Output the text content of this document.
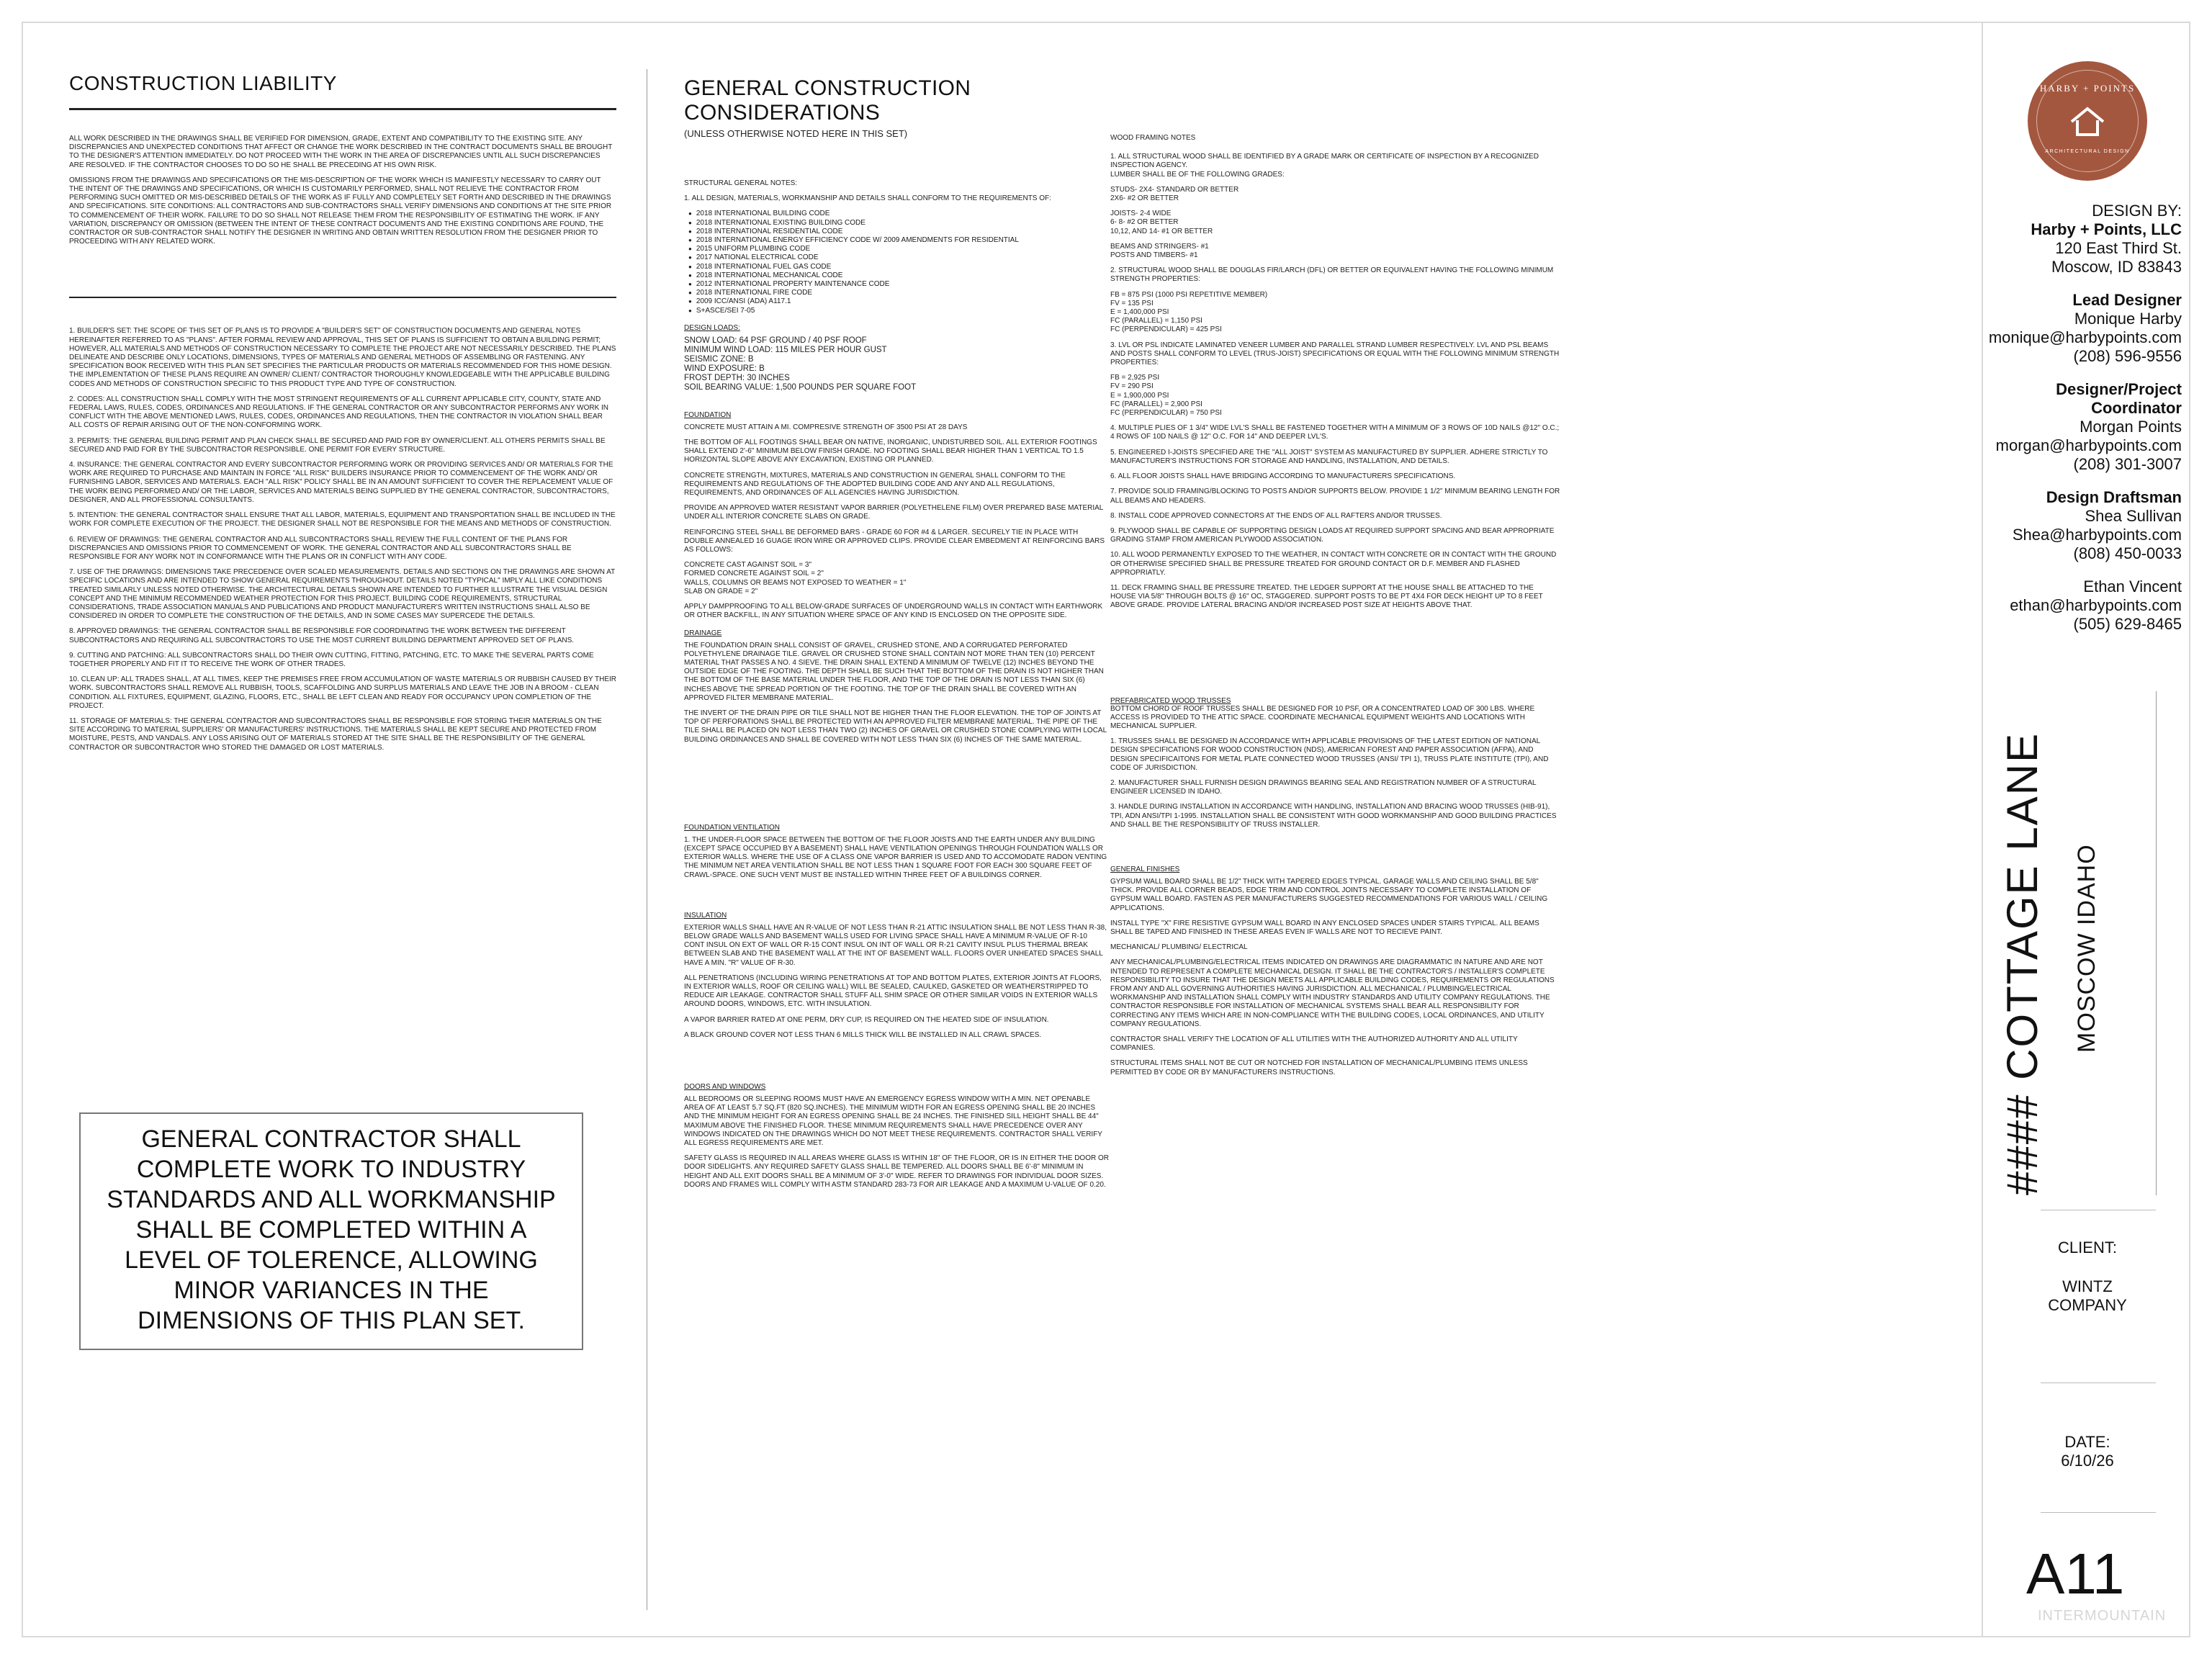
CONSTRUCTION LIABILITY

ALL WORK DESCRIBED IN THE DRAWINGS SHALL BE VERIFIED FOR DIMENSION, GRADE, EXTENT AND COMPATIBILITY TO THE EXISTING SITE. ANY DISCREPANCIES AND UNEXPECTED CONDITIONS THAT AFFECT OR CHANGE THE WORK DESCRIBED IN THE CONTRACT DOCUMENTS SHALL BE BROUGHT TO THE DESIGNER'S ATTENTION IMMEDIATELY. DO NOT PROCEED WITH THE WORK IN THE AREA OF DISCREPANCIES UNTIL ALL SUCH DISCREPANCIES ARE RESOLVED. IF THE CONTRACTOR CHOOSES TO DO SO HE SHALL BE PRECEDING AT HIS OWN RISK.

OMISSIONS FROM THE DRAWINGS AND SPECIFICATIONS OR THE MIS-DESCRIPTION OF THE WORK WHICH IS MANIFESTLY NECESSARY TO CARRY OUT THE INTENT OF THE DRAWINGS AND SPECIFICATIONS, OR WHICH IS CUSTOMARILY PERFORMED, SHALL NOT RELIEVE THE CONTRACTOR FROM PERFORMING SUCH OMITTED OR MIS-DESCRIBED DETAILS OF THE WORK AS IF FULLY AND COMPLETELY SET FORTH AND DESCRIBED IN THE DRAWINGS AND SPECIFICATIONS. SITE CONDITIONS: ALL CONTRACTORS AND SUB-CONTRACTORS SHALL VERIFY DIMENSIONS AND CONDITIONS AT THE SITE PRIOR TO COMMENCEMENT OF THEIR WORK. FAILURE TO DO SO SHALL NOT RELEASE THEM FROM THE RESPONSIBILITY OF ESTIMATING THE WORK. IF ANY VARIATION, DISCREPANCY OR OMISSION (BETWEEN THE INTENT OF THESE CONTRACT DOCUMENTS AND THE EXISTING CONDITIONS ARE FOUND, THE CONTRACTOR OR SUB-CONTRACTOR SHALL NOTIFY THE DESIGNER IN WRITING AND OBTAIN WRITTEN RESOLUTION FROM THE DESIGNER PRIOR TO PROCEEDING WITH ANY RELATED WORK.

1. BUILDER'S SET: THE SCOPE OF THIS SET OF PLANS IS TO PROVIDE A "BUILDER'S SET" OF CONSTRUCTION DOCUMENTS AND GENERAL NOTES HEREINAFTER REFERRED TO AS "PLANS". AFTER FORMAL REVIEW AND APPROVAL, THIS SET OF PLANS IS SUFFICIENT TO OBTAIN A BUILDING PERMIT; HOWEVER, ALL MATERIALS AND METHODS OF CONSTRUCTION NECESSARY TO COMPLETE THE PROJECT ARE NOT NECESSARILY DESCRIBED. THE PLANS DELINEATE AND DESCRIBE ONLY LOCATIONS, DIMENSIONS, TYPES OF MATERIALS AND GENERAL METHODS OF ASSEMBLING OR FASTENING. ANY SPECIFICATION BOOK RECEIVED WITH THIS PLAN SET SPECIFIES THE PARTICULAR PRODUCTS OR MATERIALS RECOMMENDED FOR THIS HOME DESIGN. THE IMPLEMENTATION OF THESE PLANS REQUIRE AN OWNER/ CLIENT/ CONTRACTOR THOROUGHLY KNOWLEDGEABLE WITH THE APPLICABLE BUILDING CODES AND METHODS OF CONSTRUCTION SPECIFIC TO THIS PRODUCT TYPE AND TYPE OF CONSTRUCTION.

2. CODES: ALL CONSTRUCTION SHALL COMPLY WITH THE MOST STRINGENT REQUIREMENTS OF ALL CURRENT APPLICABLE CITY, COUNTY, STATE AND FEDERAL LAWS, RULES, CODES, ORDINANCES AND REGULATIONS. IF THE GENERAL CONTRACTOR OR ANY SUBCONTRACTOR PERFORMS ANY WORK IN CONFLICT WITH THE ABOVE MENTIONED LAWS, RULES, CODES, ORDINANCES AND REGULATIONS, THEN THE CONTRACTOR IN VIOLATION SHALL BEAR ALL COSTS OF REPAIR ARISING OUT OF THE NON-CONFORMING WORK.

3. PERMITS: THE GENERAL BUILDING PERMIT AND PLAN CHECK SHALL BE SECURED AND PAID FOR BY OWNER/CLIENT. ALL OTHERS PERMITS SHALL BE SECURED AND PAID FOR BY THE SUBCONTRACTOR RESPONSIBLE. ONE PERMIT FOR EVERY STRUCTURE.

4. INSURANCE: THE GENERAL CONTRACTOR AND EVERY SUBCONTRACTOR PERFORMING WORK OR PROVIDING SERVICES AND/ OR MATERIALS FOR THE WORK ARE REQUIRED TO PURCHASE AND MAINTAIN IN FORCE "ALL RISK" BUILDERS INSURANCE PRIOR TO COMMENCEMENT OF THE WORK AND/ OR FURNISHING LABOR, SERVICES AND MATERIALS. EACH "ALL RISK" POLICY SHALL BE IN AN AMOUNT SUFFICIENT TO COVER THE REPLACEMENT VALUE OF THE WORK BEING PERFORMED AND/ OR THE LABOR, SERVICES AND MATERIALS BEING SUPPLIED BY THE GENERAL CONTRACTOR, SUBCONTRACTORS, DESIGNER, AND ALL PROFESSIONAL CONSULTANTS.

5. INTENTION: THE GENERAL CONTRACTOR SHALL ENSURE THAT ALL LABOR, MATERIALS, EQUIPMENT AND TRANSPORTATION SHALL BE INCLUDED IN THE WORK FOR COMPLETE EXECUTION OF THE PROJECT. THE DESIGNER SHALL NOT BE RESPONSIBLE FOR THE MEANS AND METHODS OF CONSTRUCTION.

6. REVIEW OF DRAWINGS: THE GENERAL CONTRACTOR AND ALL SUBCONTRACTORS SHALL REVIEW THE FULL CONTENT OF THE PLANS FOR DISCREPANCIES AND OMISSIONS PRIOR TO COMMENCEMENT OF WORK. THE GENERAL CONTRACTOR AND ALL SUBCONTRACTORS SHALL BE RESPONSIBLE FOR ANY WORK NOT IN CONFORMANCE WITH THE PLANS OR IN CONFLICT WITH ANY CODE.

7. USE OF THE DRAWINGS: DIMENSIONS TAKE PRECEDENCE OVER SCALED MEASUREMENTS. DETAILS AND SECTIONS ON THE DRAWINGS ARE SHOWN AT SPECIFIC LOCATIONS AND ARE INTENDED TO SHOW GENERAL REQUIREMENTS THROUGHOUT. DETAILS NOTED "TYPICAL" IMPLY ALL LIKE CONDITIONS TREATED SIMILARLY UNLESS NOTED OTHERWISE. THE ARCHITECTURAL DETAILS SHOWN ARE INTENDED TO FURTHER ILLUSTRATE THE VISUAL DESIGN CONCEPT AND THE MINIMUM RECOMMENDED WEATHER PROTECTION FOR THIS PROJECT. BUILDING CODE REQUIREMENTS, STRUCTURAL CONSIDERATIONS, TRADE ASSOCIATION MANUALS AND PUBLICATIONS AND PRODUCT MANUFACTURER'S WRITTEN INSTRUCTIONS SHALL ALSO BE CONSIDERED IN ORDER TO COMPLETE THE CONSTRUCTION OF THE DETAILS, AND IN SOME CASES MAY SUPERCEDE THE DETAILS.

8. APPROVED DRAWINGS: THE GENERAL CONTRACTOR SHALL BE RESPONSIBLE FOR COORDINATING THE WORK BETWEEN THE DIFFERENT SUBCONTRACTORS AND REQUIRING ALL SUBCONTRACTORS TO USE THE MOST CURRENT BUILDING DEPARTMENT APPROVED SET OF PLANS.

9. CUTTING AND PATCHING: ALL SUBCONTRACTORS SHALL DO THEIR OWN CUTTING, FITTING, PATCHING, ETC. TO MAKE THE SEVERAL PARTS COME TOGETHER PROPERLY AND FIT IT TO RECEIVE THE WORK OF OTHER TRADES.

10. CLEAN UP: ALL TRADES SHALL, AT ALL TIMES, KEEP THE PREMISES FREE FROM ACCUMULATION OF WASTE MATERIALS OR RUBBISH CAUSED BY THEIR WORK. SUBCONTRACTORS SHALL REMOVE ALL RUBBISH, TOOLS, SCAFFOLDING AND SURPLUS MATERIALS AND LEAVE THE JOB IN A BROOM - CLEAN CONDITION. ALL FIXTURES, EQUIPMENT, GLAZING, FLOORS, ETC., SHALL BE LEFT CLEAN AND READY FOR OCCUPANCY UPON COMPLETION OF THE PROJECT.

11. STORAGE OF MATERIALS: THE GENERAL CONTRACTOR AND SUBCONTRACTORS SHALL BE RESPONSIBLE FOR STORING THEIR MATERIALS ON THE SITE ACCORDING TO MATERIAL SUPPLIERS' OR MANUFACTURERS' INSTRUCTIONS. THE MATERIALS SHALL BE KEPT SECURE AND PROTECTED FROM MOISTURE, PESTS, AND VANDALS. ANY LOSS ARISING OUT OF MATERIALS STORED AT THE SITE SHALL BE THE RESPONSIBILITY OF THE GENERAL CONTRACTOR OR SUBCONTRACTOR WHO STORED THE DAMAGED OR LOST MATERIALS.

GENERAL CONTRACTOR SHALL COMPLETE WORK TO INDUSTRY STANDARDS AND ALL WORKMANSHIP SHALL BE COMPLETED WITHIN A LEVEL OF TOLERENCE, ALLOWING MINOR VARIANCES IN THE DIMENSIONS OF THIS PLAN SET.
GENERAL CONSTRUCTION CONSIDERATIONS
(UNLESS OTHERWISE NOTED HERE IN THIS SET)
STRUCTURAL GENERAL NOTES:
1. ALL DESIGN, MATERIALS, WORKMANSHIP AND DETAILS SHALL CONFORM TO THE REQUIREMENTS OF:
● 2018 INTERNATIONAL BUILDING CODE
● 2018 INTERNATIONAL EXISTING BUILDING CODE
● 2018 INTERNATIONAL RESIDENTIAL CODE
● 2018 INTERNATIONAL ENERGY EFFICIENCY CODE W/ 2009 AMENDMENTS FOR RESIDENTIAL
● 2015 UNIFORM PLUMBING CODE
● 2017 NATIONAL ELECTRICAL CODE
● 2018 INTERNATIONAL FUEL GAS CODE
● 2018 INTERNATIONAL MECHANICAL CODE
● 2012 INTERNATIONAL PROPERTY MAINTENANCE CODE
● 2018 INTERNATIONAL FIRE CODE
● 2009 ICC/ANSI (ADA) A117.1
● S+ASCE/SEI 7-05
DESIGN LOADS:
SNOW LOAD: 64 PSF GROUND / 40 PSF ROOF
MINIMUM WIND LOAD: 115 MILES PER HOUR GUST
SEISMIC ZONE: B
WIND EXPOSURE: B
FROST DEPTH: 30 INCHES
SOIL BEARING VALUE: 1,500 POUNDS PER SQUARE FOOT
FOUNDATION
CONCRETE MUST ATTAIN A MI. COMPRESIVE STRENGTH OF 3500 PSI AT 28 DAYS
THE BOTTOM OF ALL FOOTINGS SHALL BEAR ON NATIVE, INORGANIC, UNDISTURBED SOIL. ALL EXTERIOR FOOTINGS SHALL EXTEND 2'-6" MINIMUM BELOW FINISH GRADE. NO FOOTING SHALL BEAR HIGHER THAN 1 VERTICAL TO 1.5 HORIZONTAL SLOPE ABOVE ANY EXCAVATION, EXISTING OR PLANNED.
CONCRETE STRENGTH, MIXTURES, MATERIALS AND CONSTRUCTION IN GENERAL SHALL CONFORM TO THE REQUIREMENTS AND REGULATIONS OF THE ADOPTED BUILDING CODE AND ANY AND ALL REGULATIONS, REQUIREMENTS, AND ORDINANCES OF ALL AGENCIES HAVING JURISDICTION.
PROVIDE AN APPROVED WATER RESISTANT VAPOR BARRIER (POLYETHELENE FILM) OVER PREPARED BASE MATERIAL UNDER ALL INTERIOR CONCRETE SLABS ON GRADE.
REINFORCING STEEL SHALL BE DEFORMED BARS - GRADE 60 FOR #4 & LARGER. SECURELY TIE IN PLACE WITH DOUBLE ANNEALED 16 GUAGE IRON WIRE OR APPROVED CLIPS. PROVIDE CLEAR EMBEDMENT AT REINFORCING BARS AS FOLLOWS:
CONCRETE CAST AGAINST SOIL = 3"
FORMED CONCRETE AGAINST SOIL = 2"
WALLS, COLUMNS OR BEAMS NOT EXPOSED TO WEATHER = 1"
SLAB ON GRADE = 2"
APPLY DAMPPROOFING TO ALL BELOW-GRADE SURFACES OF UNDERGROUND WALLS IN CONTACT WITH EARTHWORK OR OTHER BACKFILL, IN ANY SITUATION WHERE SPACE OF ANY KIND IS ENCLOSED ON THE OPPOSITE SIDE.
DRAINAGE
THE FOUNDATION DRAIN SHALL CONSIST OF GRAVEL, CRUSHED STONE, AND A CORRUGATED PERFORATED POLYETHYLENE DRAINAGE TILE. GRAVEL OR CRUSHED STONE SHALL CONTAIN NOT MORE THAN TEN (10) PERCENT MATERIAL THAT PASSES A NO. 4 SIEVE. THE DRAIN SHALL EXTEND A MINIMUM OF TWELVE (12) INCHES BEYOND THE OUTSIDE EDGE OF THE FOOTING. THE DEPTH SHALL BE SUCH THAT THE BOTTOM OF THE DRAIN IS NOT HIGHER THAN THE BOTTOM OF THE BASE MATERIAL UNDER THE FLOOR, AND THE TOP OF THE DRAIN IS NOT LESS THAN SIX (6) INCHES ABOVE THE SPREAD PORTION OF THE FOOTING. THE TOP OF THE DRAIN SHALL BE COVERED WITH AN APPROVED FILTER MEMBRANE MATERIAL.
THE INVERT OF THE DRAIN PIPE OR TILE SHALL NOT BE HIGHER THAN THE FLOOR ELEVATION. THE TOP OF JOINTS AT TOP OF PERFORATIONS SHALL BE PROTECTED WITH AN APPROVED FILTER MEMBRANE MATERIAL. THE PIPE OF THE TILE SHALL BE PLACED ON NOT LESS THAN TWO (2) INCHES OF GRAVEL OR CRUSHED STONE COMPLYING WITH LOCAL BUILDING ORDINANCES AND SHALL BE COVERED WITH NOT LESS THAN SIX (6) INCHES OF THE SAME MATERIAL.
FOUNDATION VENTILATION
1. THE UNDER-FLOOR SPACE BETWEEN THE BOTTOM OF THE FLOOR JOISTS AND THE EARTH UNDER ANY BUILDING (EXCEPT SPACE OCCUPIED BY A BASEMENT) SHALL HAVE VENTILATION OPENINGS THROUGH FOUNDATION WALLS OR EXTERIOR WALLS. WHERE THE USE OF A CLASS ONE VAPOR BARRIER IS USED AND TO ACCOMODATE RADON VENTING THE MINIMUM NET AREA VENTILATION SHALL BE NOT LESS THAN 1 SQUARE FOOT FOR EACH 300 SQUARE FEET OF CRAWL-SPACE. ONE SUCH VENT MUST BE INSTALLED WITHIN THREE FEET OF A BUILDINGS CORNER.
INSULATION
EXTERIOR WALLS SHALL HAVE AN R-VALUE OF NOT LESS THAN R-21 ATTIC INSULATION SHALL BE NOT LESS THAN R-38, BELOW GRADE WALLS AND BASEMENT WALLS USED FOR LIVING SPACE SHALL HAVE A MINIMUM R-VALUE OF R-10 CONT INSUL ON EXT OF WALL OR R-15 CONT INSUL ON INT OF WALL OR R-21 CAVITY INSUL PLUS THERMAL BREAK BETWEEN SLAB AND THE BASEMENT WALL AT THE INT OF BASEMENT WALL. FLOORS OVER UNHEATED SPACES SHALL HAVE A MIN. "R" VALUE OF R-30.
ALL PENETRATIONS (INCLUDING WIRING PENETRATIONS AT TOP AND BOTTOM PLATES, EXTERIOR JOINTS AT FLOORS, IN EXTERIOR WALLS, ROOF OR CEILING WALL) WILL BE SEALED, CAULKED, GASKETED OR WEATHERSTRIPPED TO REDUCE AIR LEAKAGE. CONTRACTOR SHALL STUFF ALL SHIM SPACE OR OTHER SIMILAR VOIDS IN EXTERIOR WALLS AROUND DOORS, WINDOWS, ETC. WITH INSULATION.
A VAPOR BARRIER RATED AT ONE PERM, DRY CUP, IS REQUIRED ON THE HEATED SIDE OF INSULATION.
A BLACK GROUND COVER NOT LESS THAN 6 MILLS THICK WILL BE INSTALLED IN ALL CRAWL SPACES.
DOORS AND WINDOWS
ALL BEDROOMS OR SLEEPING ROOMS MUST HAVE AN EMERGENCY EGRESS WINDOW WITH A MIN. NET OPENABLE AREA OF AT LEAST 5.7 SQ.FT (820 SQ.INCHES). THE MINIMUM WIDTH FOR AN EGRESS OPENING SHALL BE 20 INCHES AND THE MINIMUM HEIGHT FOR AN EGRESS OPENING SHALL BE 24 INCHES. THE FINISHED SILL HEIGHT SHALL BE 44" MAXIMUM ABOVE THE FINISHED FLOOR. THESE MINIMUM REQUIREMENTS SHALL HAVE PRECEDENCE OVER ANY WINDOWS INDICATED ON THE DRAWINGS WHICH DO NOT MEET THESE REQUIREMENTS. CONTRACTOR SHALL VERIFY ALL EGRESS REQUIREMENTS ARE MET.
SAFETY GLASS IS REQUIRED IN ALL AREAS WHERE GLASS IS WITHIN 18" OF THE FLOOR, OR IS IN EITHER THE DOOR OR DOOR SIDELIGHTS. ANY REQUIRED SAFETY GLASS SHALL BE TEMPERED. ALL DOORS SHALL BE 6'-8" MINIMUM IN HEIGHT AND ALL EXIT DOORS SHALL BE A MINIMUM OF 3'-0" WIDE. REFER TO DRAWINGS FOR INDIVIDUAL DOOR SIZES. DOORS AND FRAMES WILL COMPLY WITH ASTM STANDARD 283-73 FOR AIR LEAKAGE AND A MAXIMUM U-VALUE OF 0.20.
WOOD FRAMING NOTES
1. ALL STRUCTURAL WOOD SHALL BE IDENTIFIED BY A GRADE MARK OR CERTIFICATE OF INSPECTION BY A RECOGNIZED INSPECTION AGENCY.
LUMBER SHALL BE OF THE FOLLOWING GRADES:
STUDS- 2X4- STANDARD OR BETTER
2X6- #2 OR BETTER
JOISTS- 2-4 WIDE
6- 8- #2 OR BETTER
10,12, AND 14- #1 OR BETTER
BEAMS AND STRINGERS- #1
POSTS AND TIMBERS- #1
2. STRUCTURAL WOOD SHALL BE DOUGLAS FIR/LARCH (DFL) OR BETTER OR EQUIVALENT HAVING THE FOLLOWING MINIMUM STRENGTH PROPERTIES:
FB = 875 PSI (1000 PSI REPETITIVE MEMBER)
FV = 135 PSI
E = 1,400,000 PSI
FC (PARALLEL) = 1,150 PSI
FC (PERPENDICULAR) = 425 PSI
3. LVL OR PSL INDICATE LAMINATED VENEER LUMBER AND PARALLEL STRAND LUMBER RESPECTIVELY. LVL AND PSL BEAMS AND POSTS SHALL CONFORM TO LEVEL (TRUS-JOIST) SPECIFICATIONS OR EQUAL WITH THE FOLLOWING MINIMUM STRENGTH PROPERTIES:
FB = 2,925 PSI
FV = 290 PSI
E = 1,900,000 PSI
FC (PARALLEL) = 2,900 PSI
FC (PERPENDICULAR) = 750 PSI
4. MULTIPLE PLIES OF 1 3/4" WIDE LVL'S SHALL BE FASTENED TOGETHER WITH A MINIMUM OF 3 ROWS OF 10D NAILS @12" O.C.; 4 ROWS OF 10D NAILS @ 12" O.C. FOR 14" AND DEEPER LVL'S.
5. ENGINEERED I-JOISTS SPECIFIED ARE THE "ALL JOIST" SYSTEM AS MANUFACTURED BY SUPPLIER. ADHERE STRICTLY TO MANUFACTURER'S INSTRUCTIONS FOR STORAGE AND HANDLING, INSTALLATION, AND DETAILS.
6. ALL FLOOR JOISTS SHALL HAVE BRIDGING ACCORDING TO MANUFACTURERS SPECIFICATIONS.
7. PROVIDE SOLID FRAMING/BLOCKING TO POSTS AND/OR SUPPORTS BELOW. PROVIDE 1 1/2" MINIMUM BEARING LENGTH FOR ALL BEAMS AND HEADERS.
8. INSTALL CODE APPROVED CONNECTORS AT THE ENDS OF ALL RAFTERS AND/OR TRUSSES.
9. PLYWOOD SHALL BE CAPABLE OF SUPPORTING DESIGN LOADS AT REQUIRED SUPPORT SPACING AND BEAR APPROPRIATE GRADING STAMP FROM AMERICAN PLYWOOD ASSOCIATION.
10. ALL WOOD PERMANENTLY EXPOSED TO THE WEATHER, IN CONTACT WITH CONCRETE OR IN CONTACT WITH THE GROUND OR OTHERWISE SPECIFIED SHALL BE PRESSURE TREATED FOR GROUND CONTACT OR D.F. MEMBER AND FLASHED APPROPRIATLY.
11. DECK FRAMING SHALL BE PRESSURE TREATED. THE LEDGER SUPPORT AT THE HOUSE SHALL BE ATTACHED TO THE HOUSE VIA 5/8" THROUGH BOLTS @ 16" OC, STAGGERED. SUPPORT POSTS TO BE PT 4X4 FOR DECK HEIGHT UP TO 8 FEET ABOVE GRADE. PROVIDE LATERAL BRACING AND/OR INCREASED POST SIZE AT HEIGHTS ABOVE THAT.
PREFABRICATED WOOD TRUSSES
BOTTOM CHORD OF ROOF TRUSSES SHALL BE DESIGNED FOR 10 PSF, OR A CONCENTRATED LOAD OF 300 LBS. WHERE ACCESS IS PROVIDED TO THE ATTIC SPACE. COORDINATE MECHANICAL EQUIPMENT WEIGHTS AND LOCATIONS WITH MECHANICAL SUPPLIER.
1. TRUSSES SHALL BE DESIGNED IN ACCORDANCE WITH APPLICABLE PROVISIONS OF THE LATEST EDITION OF NATIONAL DESIGN SPECIFICATIONS FOR WOOD CONSTRUCTION (NDS), AMERICAN FOREST AND PAPER ASSOCIATION (AFPA), AND DESIGN SPECIFICAITONS FOR METAL PLATE CONNECTED WOOD TRUSSES (ANSI/ TPI 1), TRUSS PLATE INSTITUTE (TPI), AND CODE OF JURISDICTION.
2. MANUFACTURER SHALL FURNISH DESIGN DRAWINGS BEARING SEAL AND REGISTRATION NUMBER OF A STRUCTURAL ENGINEER LICENSED IN IDAHO.
3. HANDLE DURING INSTALLATION IN ACCORDANCE WITH HANDLING, INSTALLATION AND BRACING WOOD TRUSSES (HIB-91), TPI, ADN ANSI/TPI 1-1995. INSTALLATION SHALL BE CONSISTENT WITH GOOD WORKMANSHIP AND GOOD BUILDING PRACTICES AND SHALL BE THE RESPONSIBILITY OF TRUSS INSTALLER.
GENERAL FINISHES
GYPSUM WALL BOARD SHALL BE 1/2" THICK WITH TAPERED EDGES TYPICAL. GARAGE WALLS AND CEILING SHALL BE 5/8" THICK. PROVIDE ALL CORNER BEADS, EDGE TRIM AND CONTROL JOINTS NECESSARY TO COMPLETE INSTALLATION OF GYPSUM WALL BOARD. FASTEN AS PER MANUFACTURERS SUGGESTED RECOMMENDATIONS FOR VARIOUS WALL / CEILING APPLICATIONS.
INSTALL TYPE "X" FIRE RESISTIVE GYPSUM WALL BOARD IN ANY ENCLOSED SPACES UNDER STAIRS TYPICAL. ALL BEAMS SHALL BE TAPED AND FINISHED IN THESE AREAS EVEN IF WALLS ARE NOT TO RECIEVE PAINT.
MECHANICAL/ PLUMBING/ ELECTRICAL
ANY MECHANICAL/PLUMBING/ELECTRICAL ITEMS INDICATED ON DRAWINGS ARE DIAGRAMMATIC IN NATURE AND ARE NOT INTENDED TO REPRESENT A COMPLETE MECHANICAL DESIGN. IT SHALL BE THE CONTRACTOR'S / INSTALLER'S COMPLETE RESPONSIBILITY TO INSURE THAT THE DESIGN MEETS ALL APPLICABLE BUILDING CODES, REQUIREMENTS OR REGULATIONS FROM ANY AND ALL GOVERNING AUTHORITIES HAVING JURISDICTION. ALL MECHANICAL / PLUMBING/ELECTRICAL WORKMANSHIP AND INSTALLATION SHALL COMPLY WITH INDUSTRY STANDARDS AND UTILITY COMPANY REGULATIONS. THE CONTRACTOR RESPONSIBLE FOR INSTALLATION OF MECHANICAL SYSTEMS SHALL BEAR ALL RESPONSIBILITY FOR CORRECTING ANY ITEMS WHICH ARE IN NON-COMPLIANCE WITH THE BUILDING CODES, LOCAL ORDINANCES, AND UTILITY COMPANY REGULATIONS.
CONTRACTOR SHALL VERIFY THE LOCATION OF ALL UTILITIES WITH THE AUTHORIZED AUTHORITY AND ALL UTILITY COMPANIES.
STRUCTURAL ITEMS SHALL NOT BE CUT OR NOTCHED FOR INSTALLATION OF MECHANICAL/PLUMBING ITEMS UNLESS PERMITTED BY CODE OR BY MANUFACTURERS INSTRUCTIONS.
HARBY + POINTS
ARCHITECTURAL DESIGN
DESIGN BY:
Harby + Points, LLC
120 East Third St.
Moscow, ID 83843
Lead Designer
Monique Harby
monique@harbypoints.com
(208) 596-9556
Designer/Project
Coordinator
Morgan Points
morgan@harbypoints.com
(208) 301-3007
Design Draftsman
Shea Sullivan
Shea@harbypoints.com
(808) 450-0033
Ethan Vincent
ethan@harbypoints.com
(505) 629-8465
#### COTTAGE LANE MOSCOW IDAHO
CLIENT:
WINTZ
COMPANY
DATE:
6/10/26
A11
INTERMOUNTAIN
